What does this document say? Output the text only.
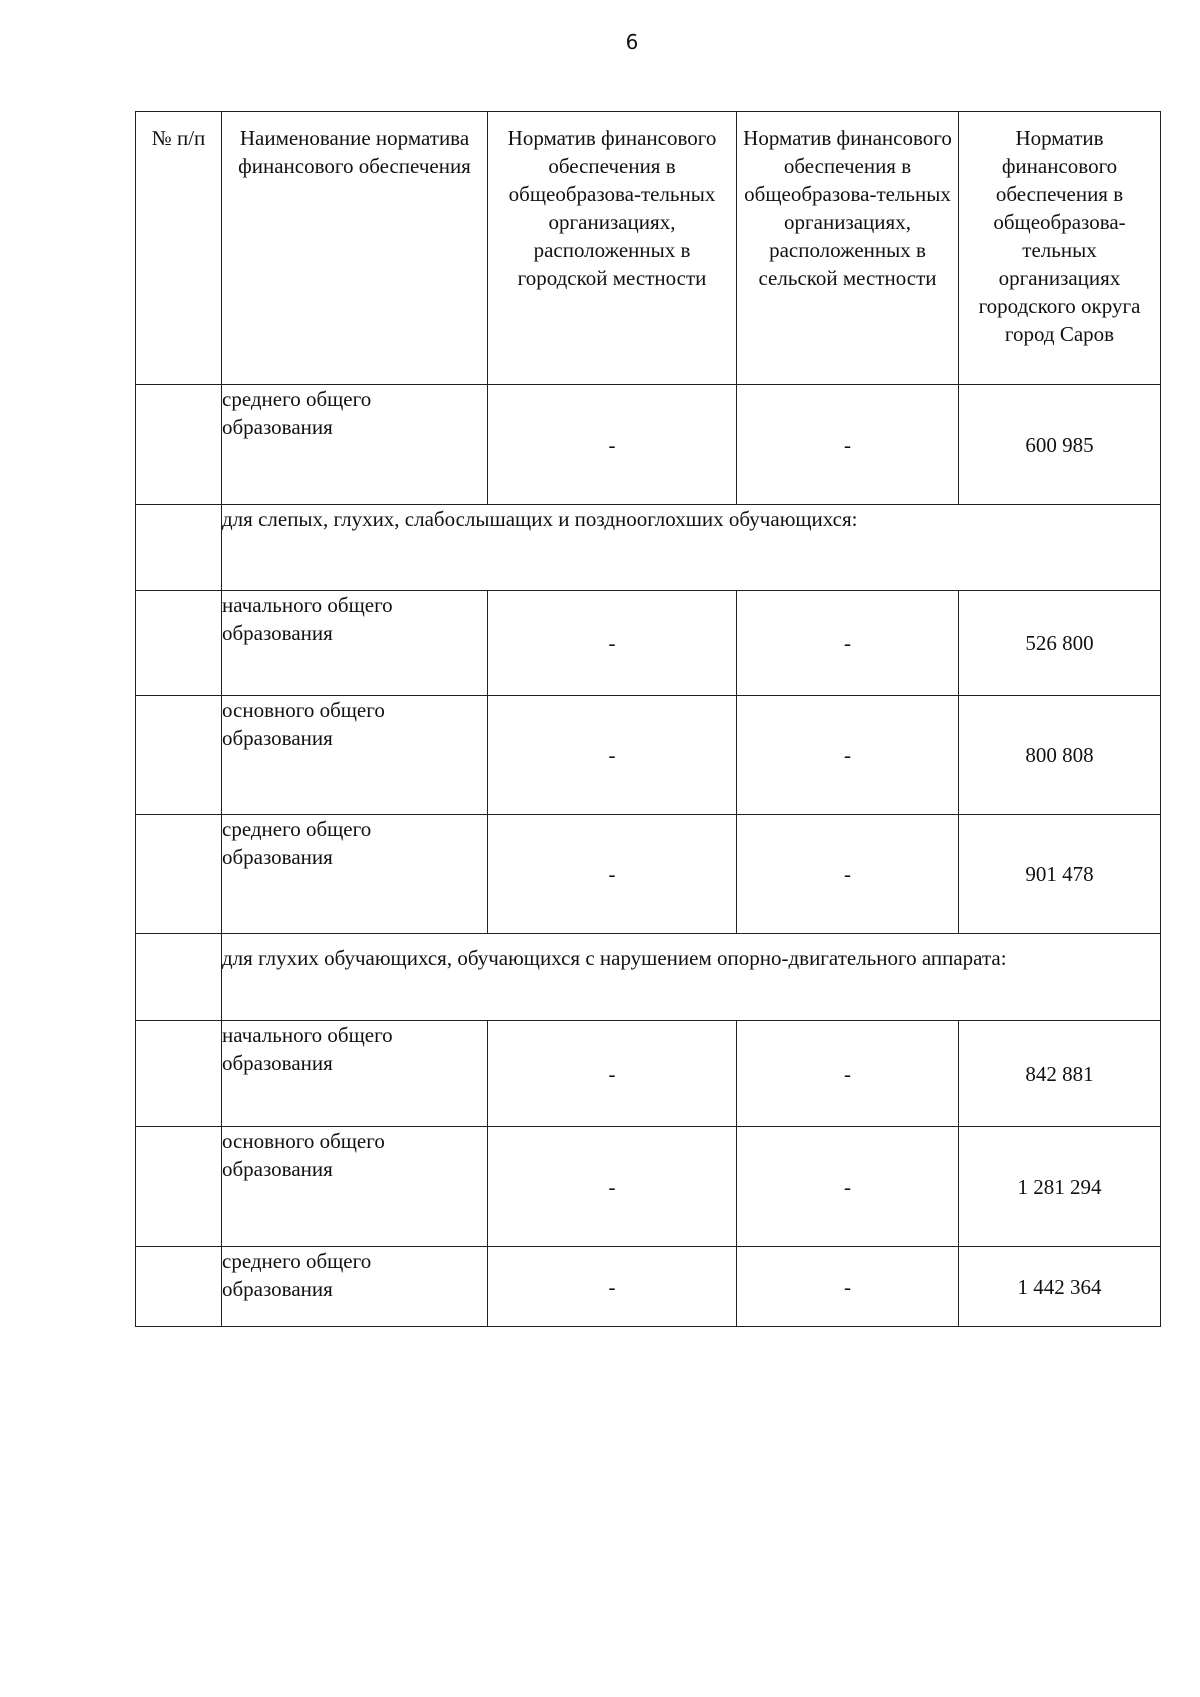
6
№ п/п	Наименование норматива финансового обеспечения	Норматив финансового обеспечения в общеобразова-тельных организациях, расположенных в городской местности	Норматив финансового обеспечения в общеобразова-тельных организациях, расположенных в сельской местности	Норматив финансового обеспечения в общеобразова-тельных организациях городского округа город Саров

	среднего общего образования	-	-	600 985
	для слепых, глухих, слабослышащих и позднооглохших обучающихся:			
	начального общего образования	-	-	526 800
	основного общего образования	-	-	800 808
	среднего общего образования	-	-	901 478
	для глухих обучающихся, обучающихся с нарушением опорно-двигательного аппарата:			
	начального общего образования	-	-	842 881
	основного общего образования	-	-	1 281 294
	среднего общего образования	-	-	1 442 364
